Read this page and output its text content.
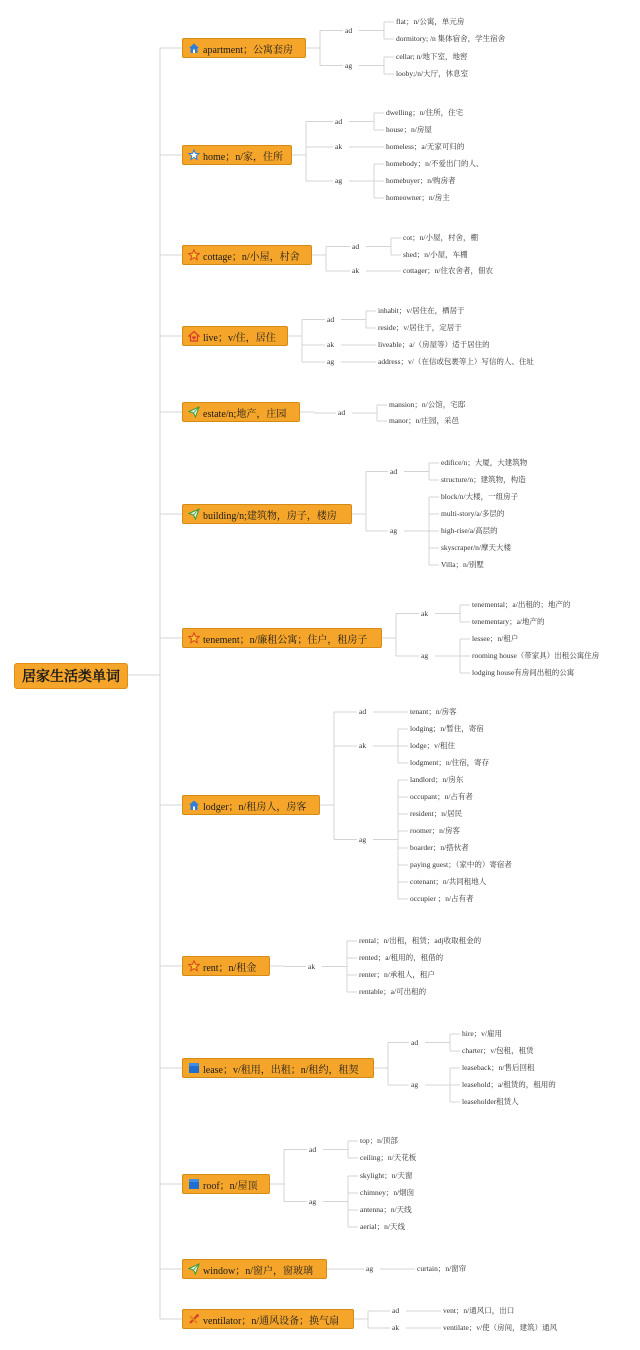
居家生活类单词
apartment；公寓套房
ad
flat；n/公寓，单元房
dormitory; /n 集体宿舍，学生宿舍
ag
cellar; n/地下室，地窖
looby;/n/大厅，休息室
home；n/家，住所
ad
dwelling；n/住所，住宅
house；n/房屋
ak	homeless；a/无家可归的
ag
homebody；n/不爱出门的人、
homebuyer；n/购房者
homeowner；n/房主
cottage；n/小屋，村舍
ad
cot；n/小屋，村舍，棚
shed；n/小屋，车棚
ak	cottager；n/住农舍者，佃农
live；v/住，居住
ad
inhabit；v/居住在，栖居于
reside；v/居住于，定居于
ak	liveable；a/（房屋等）适于居住的
ag	address；v/（在信或包裹等上）写信的人、住址
estate/n;地产，庄园	ad
mansion；n/公馆，宅邸
manor；n/庄园，采邑
building/n;建筑物，房子，楼房
ad
edifice/n；大厦，大建筑物
structure/n；建筑物，构造
ag
block/n/大楼，一组房子
multi-story/a/多层的
high-rise/a/高层的
skyscraper/n/摩天大楼
Villa；n/别墅
tenement；n/廉租公寓；住户，租房子
ak
tenemental；a/出租的；地产的
tenementary；a/地产的
ag
lessee；n/租户
rooming house（带家具）出租公寓住房
lodging house有房间出租的公寓
lodger；n/租房人，房客
ad	tenant；n/房客
ak
lodging；n/暂住，寄宿
lodge；v/租住
lodgment；n/住宿，寄存
ag
landlord；n/房东
occupant；n/占有者
resident；n/居民
roomer；n/房客
boarder；n/搭伙者
paying guest；（家中的）寄宿者
cotenant；n/共同租地人
occupier ；n/占有者
rent；n/租金	ak
rental；n/出租，租赁；adj收取租金的
rented；a/租用的，租借的
renter；n/承租人，租户
rentable；a/可出租的
lease；v/租用，出租；n/租约，租契
ad
hire；v/雇用
charter；v/包租，租赁
ag
leaseback；n/售后回租
leasehold；a/租赁的，租用的
leaseholder租赁人
roof；n/屋顶
ad
top；n/顶部
ceiling；n/天花板
ag
skylight；n/天窗
chimney；n/烟囱
antenna；n/天线
aerial；n/天线
window；n/窗户，窗玻璃	ag	curtain；n/窗帘
ventilator；n/通风设备；换气扇
ad	vent；n/通风口，出口
ak	ventilate；v/使（房间，建筑）通风
